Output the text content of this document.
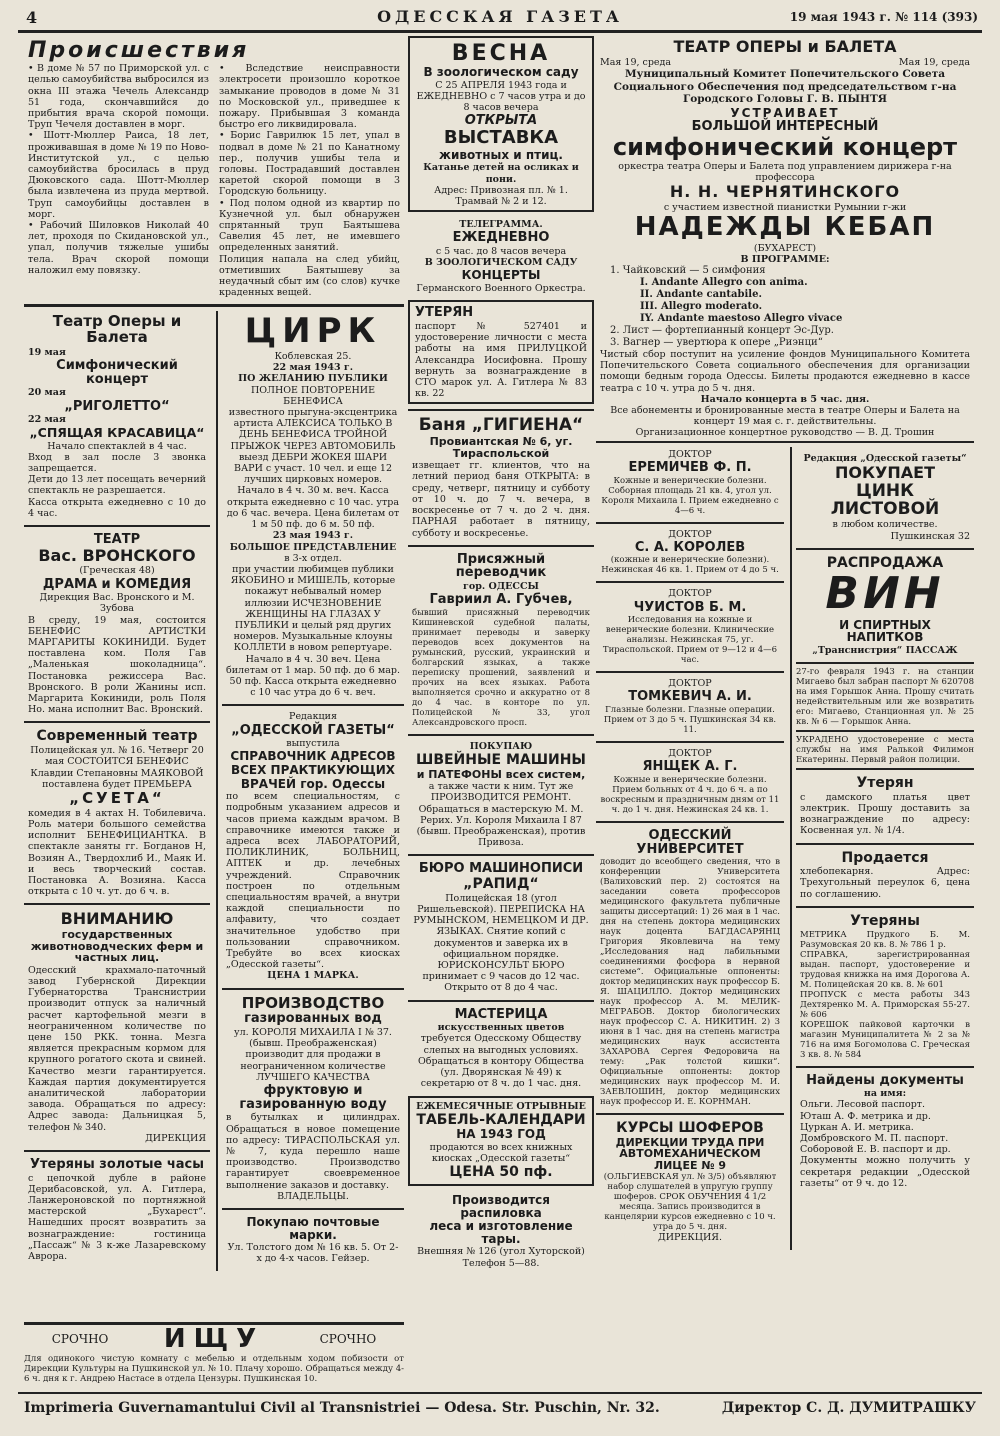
4	ОДЕССКАЯ ГАЗЕТА	19 мая 1943 г. № 114 (393)
Происшествия

• В доме № 57 по Приморской ул. с целью самоубийства выбросился из окна III этажа Чечель Александр 51 года, скончавшийся до прибытия врача скорой помощи. Труп Чечеля доставлен в морг.

• Шотт-Мюллер Раиса, 18 лет, проживавшая в доме № 19 по Ново-Институтской ул., с целью самоубийства бросилась в пруд Дюковского сада. Шотт-Мюллер была извлечена из пруда мертвой. Труп самоубийцы доставлен в морг.

• Рабочий Шиловков Николай 40 лет, проходя по Скидановской ул., упал, получив тяжелые ушибы тела. Врач скорой помощи наложил ему повязку.

• Вследствие неисправности электросети произошло короткое замыкание проводов в доме № 31 по Московской ул., приведшее к пожару. Прибывшая 3 команда быстро его ликвидировала.

• Борис Гаврилюк 15 лет, упал в подвал в доме № 21 по Канатному пер., получив ушибы тела и головы. Пострадавший доставлен каретой скорой помощи в 3 Городскую больницу.

• Под полом одной из квартир по Кузнечной ул. был обнаружен спрятанный труп Баятышева Савелия 45 лет, не имевшего определенных занятий.

Полиция напала на след убийц, отметивших Баятышеву за неудачный сбыт им (со слов) кучке краденных вещей.

Театр Оперы и Балета
19 мая
Симфонический концерт
20 мая
„РИГОЛЕТТО“
22 мая
„СПЯЩАЯ КРАСАВИЦА“
Начало спектаклей в 4 час.

Вход в зал после 3 звонка запрещается.

Дети до 13 лет посещать вечерний спектакль не разрешается.

Касса открыта ежедневно с 10 до 4 час.

ТЕАТР
Вас. ВРОНСКОГО
(Греческая 48)
ДРАМА и КОМЕДИЯ
Дирекция Вас. Вронского и М. Зубова

В среду, 19 мая, состоится БЕНЕФИС АРТИСТКИ МАРГАРИТЫ КОКИНИДИ. Будет поставлена ком. Поля Гав „Маленькая шоколадница“. Постановка режиссера Вас. Вронского. В роли Жанины исп. Маргарита Кокиниди, роль Поля Но. мана исполнит Вас. Вронский.

Современный театр

Полицейская ул. № 16. Четверг 20 мая СОСТОИТСЯ БЕНЕФИС Клавдии Степановны МАЯКОВОЙ поставлена будет ПРЕМЬЕРА

„СУЕТА“

комедия в 4 актах Н. Тобилевича. Роль матери большого семейства исполнит БЕНЕФИЦИАНТКА. В спектакле заняты гг. Богданов Н, Возиян А., Твердохлиб И., Маяк И. и весь творческий состав. Постановка А. Возияна. Касса открыта с 10 ч. ут. до 6 ч. в.

ВНИМАНИЮ
государственных животноводческих ферм и частных лиц.

Одесский крахмало-паточный завод Губернской Дирекции Губернаторства Транснистрии производит отпуск за наличный расчет картофельной мезги в неограниченном количестве по цене 150 РКК. тонна. Мезга является прекрасным кормом для крупного рогатого скота и свиней. Качество мезги гарантируется. Каждая партия документируется аналитической лаборатории завода. Обращаться по адресу: Адрес завода: Дальницкая 5, телефон № 340.

ДИРЕКЦИЯ
Утеряны золотые часы

с цепочкой дубле в районе Дерибасовской, ул. А. Гитлера, Ланжероновской по портняжной мастерской „Бухарест“. Нашедших просят возвратить за вознаграждение: гостиница „Пассаж“ № 3 к-же Лазаревскому Аврора.

ЦИРК
Коблевская 25.
22 мая 1943 г.
ПО ЖЕЛАНИЮ ПУБЛИКИ
ПОЛНОЕ ПОВТОРЕНИЕ БЕНЕФИСА

известного прыгуна-эксцентрика артиста АЛЕКСИСА ТОЛЬКО В ДЕНЬ БЕНЕФИСА ТРОЙНОЙ ПРЫЖОК ЧЕРЕЗ АВТОМОБИЛЬ выезд ДЕБРИ ЖОКЕЯ ШАРИ ВАРИ с участ. 10 чел. и еще 12 лучших цирковых номеров. Начало в 4 ч. 30 м. веч. Касса открыта ежедневно с 10 час. утра до 6 час. вечера. Цена билетам от 1 м 50 пф. до 6 м. 50 пф.

23 мая 1943 г.
БОЛЬШОЕ ПРЕДСТАВЛЕНИЕ
в 3-х отдел.

при участии любимцев публики ЯКОБИНО и МИШЕЛЬ, которые покажут небывалый номер иллюзии ИСЧЕЗНОВЕНИЕ ЖЕНЩИНЫ НА ГЛАЗАХ У ПУБЛИКИ и целый ряд других номеров. Музыкальные клоуны КОЛЛЕТИ в новом репертуаре. Начало в 4 ч. 30 веч. Цена билетам от 1 мар. 50 пф. до 6 мар. 50 пф. Касса открыта ежедневно с 10 час утра до 6 ч. веч.

Редакция
„ОДЕССКОЙ ГАЗЕТЫ“
выпустила
СПРАВОЧНИК АДРЕСОВ
ВСЕХ ПРАКТИКУЮЩИХ
ВРАЧЕЙ гор. Одессы

по всем специальностям, с подробным указанием адресов и часов приема каждым врачом. В справочнике имеются также и адреса всех ЛАБОРАТОРИЙ, ПОЛИКЛИНИК, БОЛЬНИЦ, АПТЕК и др. лечебных учреждений. Справочник построен по отдельным специальностям врачей, а внутри каждой специальности по алфавиту, что создает значительное удобство при пользовании справочником. Требуйте во всех киосках „Одесской газеты“.

ЦЕНА 1 МАРКА.
ПРОИЗВОДСТВО
газированных вод

ул. КОРОЛЯ МИХАИЛА I № 37. (бывш. Преображенская) производит для продажи в неограниченном количестве ЛУЧШЕГО КАЧЕСТВА

фруктовую и газированную воду

в бутылках и цилиндрах. Обращаться в новое помещение по адресу: ТИРАСПОЛЬСКАЯ ул. № 7, куда перешло наше производство. Производство гарантирует своевременное выполнение заказов и доставку.

ВЛАДЕЛЬЦЫ.
Покупаю почтовые марки.

Ул. Толстого дом № 16 кв. 5. От 2-х до 4-х часов. Гейзер.

ВЕСНА
В зоологическом саду

С 25 АПРЕЛЯ 1943 года и ЕЖЕДНЕВНО с 7 часов утра и до 8 часов вечера

ОТКРЫТА
ВЫСТАВКА
животных и птиц.

Катанье детей на осликах и пони.

Адрес: Привозная пл. № 1. Трамвай № 2 и 12.

ТЕЛЕГРАММА.
ЕЖЕДНЕВНО
с 5 час. до 8 часов вечера
В ЗООЛОГИЧЕСКОМ САДУ
КОНЦЕРТЫ
Германского Военного Оркестра.
УТЕРЯН

паспорт № 527401 и удостоверение личности с места работы на имя ПРИЛУЦКОЙ Александра Иосифовна. Прошу вернуть за вознаграждение в СТО марок ул. А. Гитлера № 83 кв. 22

Баня „ГИГИЕНА“
Провиантская № 6, уг. Тираспольской

извещает гг. клиентов, что на летний период баня ОТКРЫТА: в среду, четверг, пятницу и субботу от 10 ч. до 7 ч. вечера, в воскресенье от 7 ч. до 2 ч. дня. ПАРНАЯ работает в пятницу, субботу и воскресенье.

Присяжный переводчик
гор. ОДЕССЫ
Гавриил А. Губчев,

бывший присяжный переводчик Кишиневской судебной палаты, принимает переводы и заверку переводов всех документов на румынский, русский, украинский и болгарский языках, а также переписку прошений, заявлений и прочих на всех языках. Работа выполняется срочно и аккуратно от 8 до 4 час. в конторе по ул. Полицейской № 33, угол Александровского просп.

ПОКУПАЮ
ШВЕЙНЫЕ МАШИНЫ
и ПАТЕФОНЫ всех систем,

а также части к ним. Тут же ПРОИЗВОДИТСЯ РЕМОНТ. Обращаться в мастерскую М. М. Рерих. Ул. Короля Михаила I 87 (бывш. Преображенская), против Привоза.

БЮРО МАШИНОПИСИ
„РАПИД“

Полицейская 18 (угол Ришельевской). ПЕРЕПИСКА НА РУМЫНСКОМ, НЕМЕЦКОМ И ДР. ЯЗЫКАХ. Снятие копий с документов и заверка их в официальном порядке. ЮРИСКОНСУЛЬТ БЮРО принимает с 9 часов до 12 час. Открыто от 8 до 4 час.

МАСТЕРИЦА
искусственных цветов

требуется Одесскому Обществу слепых на выгодных условиях. Обращаться в контору Общества (ул. Дворянская № 49) к секретарю от 8 ч. до 1 час. дня.

ЕЖЕМЕСЯЧНЫЕ ОТРЫВНЫЕ
ТАБЕЛЬ-КАЛЕНДАРИ
НА 1943 ГОД

продаются во всех книжных киосках „Одесской газеты“

ЦЕНА 50 пф.
Производится распиловка
леса и изготовление тары.

Внешняя № 126 (угол Хуторской) Телефон 5—88.

ТЕАТР ОПЕРЫ и БАЛЕТА
Мая 19, среда	Мая 19, среда

Муниципальный Комитет Попечительского Совета Социального Обеспечения под председательством г-на Городского Головы Г. В. ПЫНТЯ

УСТРАИВАЕТ
БОЛЬШОЙ ИНТЕРЕСНЫЙ
симфонический концерт

оркестра театра Оперы и Балета под управлением дирижера г-на профессора

Н. Н. ЧЕРНЯТИНСКОГО

с участием известной пианистки Румынии г-жи

НАДЕЖДЫ КЕБАП
(БУХАРЕСТ)
В ПРОГРАММЕ:
1. Чайковский — 5 симфония
I. Andante Allegro con anima.
II. Andante cantabile.
III. Allegro moderato.
IY. Andante maestoso Allegro vivace
2. Лист — фортепианный концерт Эс-Дур.
3. Вагнер — увертюра к опере „Риэнци“

Чистый сбор поступит на усиление фондов Муниципального Комитета Попечительского Совета социального обеспечения для организации помощи бедным города Одессы. Билеты продаются ежедневно в кассе театра с 10 ч. утра до 5 ч. дня.

Начало концерта в 5 час. дня.

Все абонементы и бронированные места в театре Оперы и Балета на концерт 19 мая с. г. действительны.

Организационное концертное руководство — В. Д. Трошин
ДОКТОР
ЕРЕМИЧЕВ Ф. П.

Кожные и венерические болезни. Соборная площадь 21 кв. 4, угол ул. Короля Михаила I. Прием ежедневно с 4—6 ч.

ДОКТОР
С. А. КОРОЛЕВ

(кожные и венерические болезни). Нежинская 46 кв. 1. Прием от 4 до 5 ч.

ДОКТОР
ЧУИСТОВ Б. М.

Исследования на кожные и венерические болезни. Клинические анализы. Нежинская 75, уг. Тираспольской. Прием от 9—12 и 4—6 час.

ДОКТОР
ТОМКЕВИЧ А. И.

Глазные болезни. Глазные операции. Прием от 3 до 5 ч. Пушкинская 34 кв. 11.

ДОКТОР
ЯНЩЕК А. Г.

Кожные и венерические болезни. Прием больных от 4 ч. до 6 ч. а по воскресным и праздничным дням от 11 ч. до 1 ч. дня. Нежинская 24 кв. 1.

ОДЕССКИЙ УНИВЕРСИТЕТ

доводит до всеобщего сведения, что в конференции Университета (Валиховский пер. 2) состоятся на заседании совета профессоров медицинского факультета публичные защиты диссертаций: 1) 26 мая в 1 час. дня на степень доктора медицинских наук доцента БАГДАСАРЯНЦ Григория Яковлевича на тему „Исследования над лабильными соединениями фосфора в нервной системе“. Официальные оппоненты: доктор медицинских наук профессор Б. Я. ШАЦИЛЛО. Доктор медицинских наук профессор А. М. МЕЛИК-МЕГРАБОВ. Доктор биологических наук профессор С. А. НИКИТИН. 2) 3 июня в 1 час. дня на степень магистра медицинских наук ассистента ЗАХАРОВА Сергея Федоровича на тему: „Рак толстой кишки“. Официальные оппоненты: доктор медицинских наук профессор М. И. ЗАЕВЛОШИН, доктор медицинских наук профессор И. Е. КОРНМАН.

КУРСЫ ШОФЕРОВ
ДИРЕКЦИИ ТРУДА ПРИ АВТОМЕХАНИЧЕСКОМ ЛИЦЕЕ № 9

(ОЛЬГИЕВСКАЯ ул. № 3/5) объявляют набор слушателей в упругую группу шоферов. СРОК ОБУЧЕНИЯ 4 1/2 месяца. Запись производится в канцелярии курсов ежедневно с 10 ч. утра до 5 ч. дня.

ДИРЕКЦИЯ.
Редакция „Одесской газеты“
ПОКУПАЕТ
ЦИНК ЛИСТОВОЙ
в любом количестве.
Пушкинская 32
РАСПРОДАЖА
ВИН
И СПИРТНЫХ НАПИТКОВ
„Транснистрия“ ПАССАЖ

27-го февраля 1943 г. на станции Мигаево был забран паспорт № 620708 на имя Горышок Анна. Прошу считать недействительным или же возвратить его: Мигаево, Станционная ул. № 25 кв. № 6 — Горышок Анна.

УКРАДЕНО удостоверение с места службы на имя Ралькой Филимон Екатерины. Первый район полиции.

Утерян

с дамского платья цвет электрик. Прошу доставить за вознаграждение по адресу: Косвенная ул. № 1/4.

Продается

хлебопекарня. Адрес: Трехугольный переулок 6, цена по соглашению.

Утеряны

МЕТРИКА Прудкого Б. М. Разумовская 20 кв. 8. № 786 1 р.

СПРАВКА, зарегистрированная выдан. паспорт, удостоверение и трудовая книжка на имя Дорогова А. М. Полицейская 20 кв. 8. № 601

ПРОПУСК с места работы 343 Дехтяренко М. А. Приморская 55-27. № 606

КОРЕШОК пайковой карточки в магазин Муниципалитета № 2 за № 716 на имя Богомолова С. Греческая 3 кв. 8. № 584

Найдены документы
на имя:

Ольги. Лесовой паспорт.

Юташ А. Ф. метрика и др.

Цуркан А. И. метрика.

Домбровского М. П. паспорт.

Соборовой Е. В. паспорт и др.

Документы можно получить у секретаря редакции „Одесской газеты“ от 9 ч. до 12.

СРОЧНО ИЩУ	СРОЧНО

Для одинокого чистую комнату с мебелью и отдельным ходом побизости от Дирекции Культуры на Пушкинской ул. № 10. Плачу хорошо. Обращаться между 4-6 ч. дня к г. Андрею Настасе в отдела Цензуры. Пушкинская 10.

Imprimeria Guvernamantului Civil al Transnistriei — Odesa. Str. Puschin, Nr. 32.	Директор С. Д. ДУМИТРАШКУ
